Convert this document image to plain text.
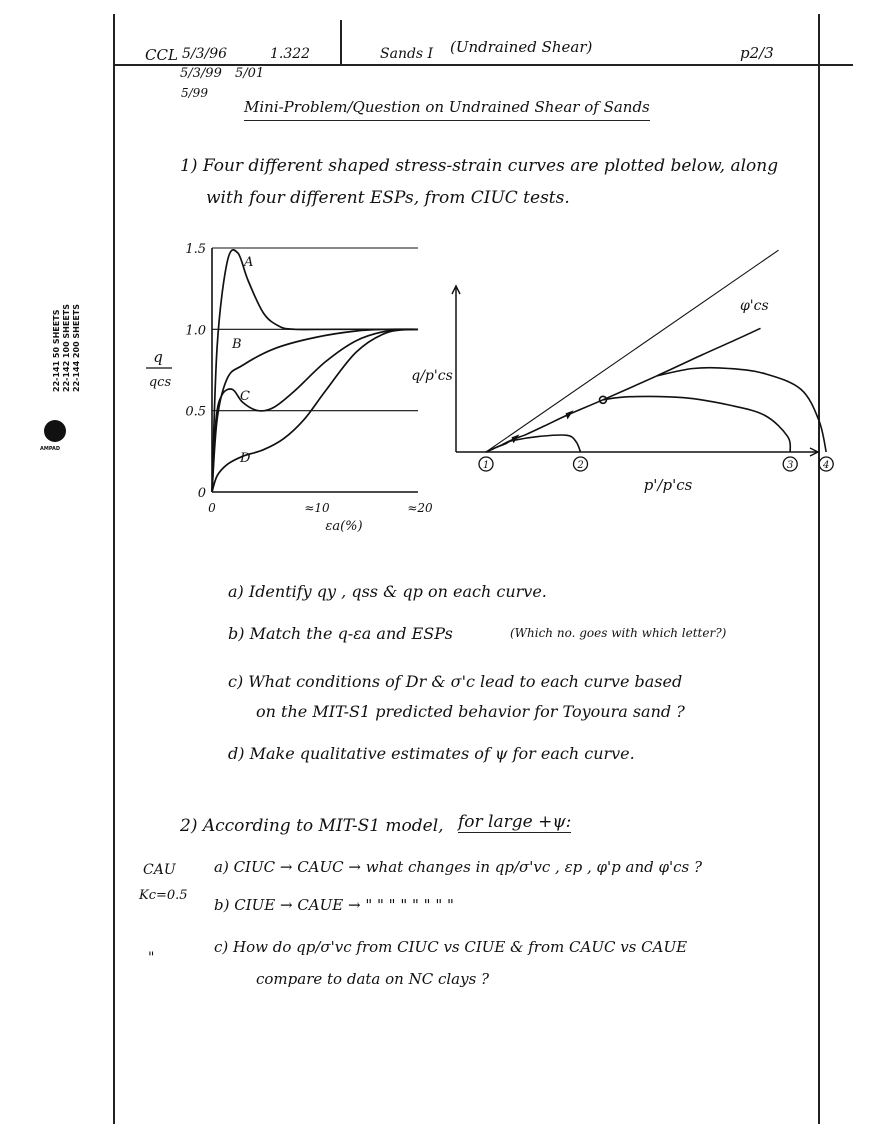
22-141 50 SHEETS 22-142 100 SHEETS 22-144 200 SHEETS
AMPAD
CCL 5/3/96
5/3/99 5/01
5/99
1.322	Sands I (Undrained Shear)	p2/3
Mini-Problem/Question on Undrained Shear of Sands
1) Four different shaped stress-strain curves are plotted below, along
with four different ESPs, from CIUC tests.
0
0.5
1.0
1.5
0	≈10	≈20
εa(%)
q
qcs
A
B
C
D
φ'cs
q/p'cs
p'/p'cs
1	2	3	4
a) Identify qy , qss & qp on each curve.
b) Match the q-εa and ESPs	(Which no. goes with which letter?)
c) What conditions of Dr & σ'c lead to each curve based
on the MIT-S1 predicted behavior for Toyoura sand ?
d) Make qualitative estimates of ψ for each curve.
2) According to MIT-S1 model, for large +ψ:
CAU
Kc=0.5
a) CIUC → CAUC → what changes in qp/σ'vc , εp , φ'p and φ'cs ?
b) CIUE → CAUE → " " " " " " " "
"
c) How do qp/σ'vc from CIUC vs CIUE & from CAUC vs CAUE
compare to data on NC clays ?
